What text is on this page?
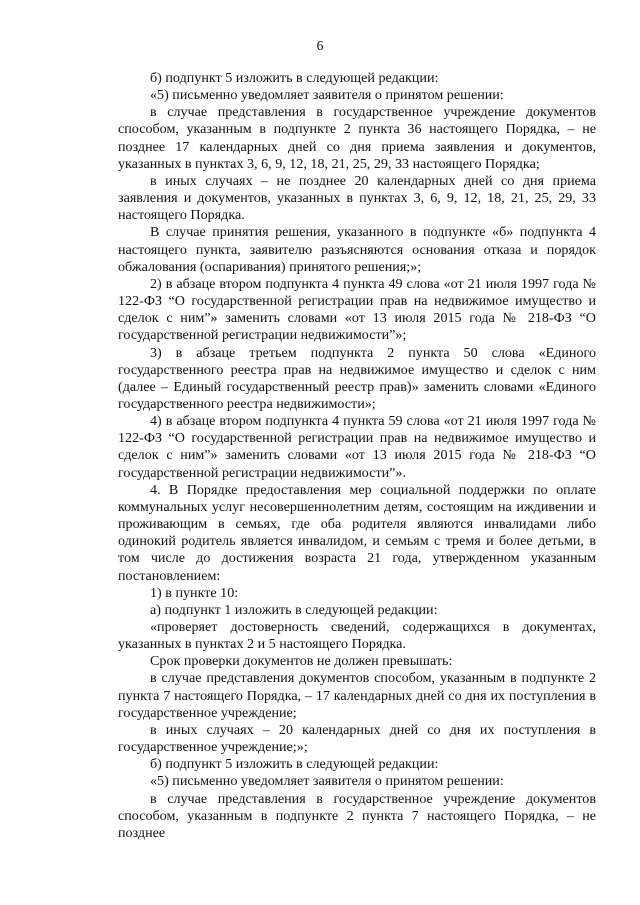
6

б) подпункт 5 изложить в следующей редакции:

«5) письменно уведомляет заявителя о принятом решении:

в случае представления в государственное учреждение документов способом, указанным в подпункте 2 пункта 36 настоящего Порядка, – не позднее 17 календарных дней со дня приема заявления и документов, указанных в пунктах 3, 6, 9, 12, 18, 21, 25, 29, 33 настоящего Порядка;

в иных случаях – не позднее 20 календарных дней со дня приема заявления и документов, указанных в пунктах 3, 6, 9, 12, 18, 21, 25, 29, 33 настоящего Порядка.

В случае принятия решения, указанного в подпункте «б» подпункта 4 настоящего пункта, заявителю разъясняются основания отказа и порядок обжалования (оспаривания) принятого решения;»;

2) в абзаце втором подпункта 4 пункта 49 слова «от 21 июля 1997 года № 122-ФЗ “О государственной регистрации прав на недвижимое имущество и сделок с ним”» заменить словами «от 13 июля 2015 года № 218-ФЗ “О государственной регистрации недвижимости”»;

3) в абзаце третьем подпункта 2 пункта 50 слова «Единого государственного реестра прав на недвижимое имущество и сделок с ним (далее – Единый государственный реестр прав)» заменить словами «Единого государственного реестра недвижимости»;

4) в абзаце втором подпункта 4 пункта 59 слова «от 21 июля 1997 года № 122-ФЗ “О государственной регистрации прав на недвижимое имущество и сделок с ним”» заменить словами «от 13 июля 2015 года № 218-ФЗ “О государственной регистрации недвижимости”».

4. В Порядке предоставления мер социальной поддержки по оплате коммунальных услуг несовершеннолетним детям, состоящим на иждивении и проживающим в семьях, где оба родителя являются инвалидами либо одинокий родитель является инвалидом, и семьям с тремя и более детьми, в том числе до достижения возраста 21 года, утвержденном указанным постановлением:

1) в пункте 10:

а) подпункт 1 изложить в следующей редакции:

«проверяет достоверность сведений, содержащихся в документах, указанных в пунктах 2 и 5 настоящего Порядка.

Срок проверки документов не должен превышать:

в случае представления документов способом, указанным в подпункте 2 пункта 7 настоящего Порядка, – 17 календарных дней со дня их поступления в государственное учреждение;

в иных случаях – 20 календарных дней со дня их поступления в государственное учреждение;»;

б) подпункт 5 изложить в следующей редакции:

«5) письменно уведомляет заявителя о принятом решении:

в случае представления в государственное учреждение документов способом, указанным в подпункте 2 пункта 7 настоящего Порядка, – не позднее
